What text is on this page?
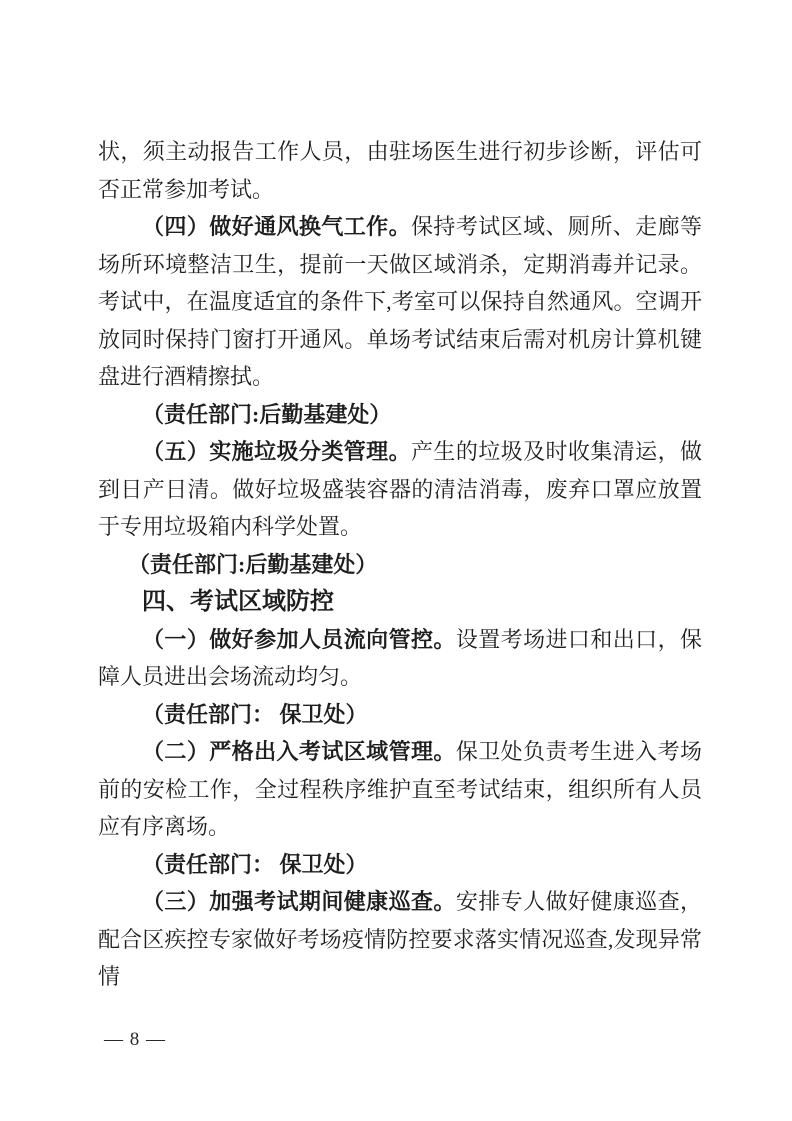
状，须主动报告工作人员，由驻场医生进行初步诊断，评估可否正常参加考试。

（四）做好通风换气工作。保持考试区域、厕所、走廊等场所环境整洁卫生，提前一天做区域消杀，定期消毒并记录。考试中，在温度适宜的条件下,考室可以保持自然通风。空调开放同时保持门窗打开通风。单场考试结束后需对机房计算机键盘进行酒精擦拭。

（责任部门:后勤基建处）

（五）实施垃圾分类管理。产生的垃圾及时收集清运，做到日产日清。做好垃圾盛装容器的清洁消毒，废弃口罩应放置于专用垃圾箱内科学处置。

（责任部门:后勤基建处）

四、考试区域防控

（一）做好参加人员流向管控。设置考场进口和出口，保障人员进出会场流动均匀。

（责任部门： 保卫处）

（二）严格出入考试区域管理。保卫处负责考生进入考场前的安检工作，全过程秩序维护直至考试结束，组织所有人员应有序离场。

（责任部门： 保卫处）

（三）加强考试期间健康巡查。安排专人做好健康巡查，配合区疾控专家做好考场疫情防控要求落实情况巡查,发现异常情

— 8 —
